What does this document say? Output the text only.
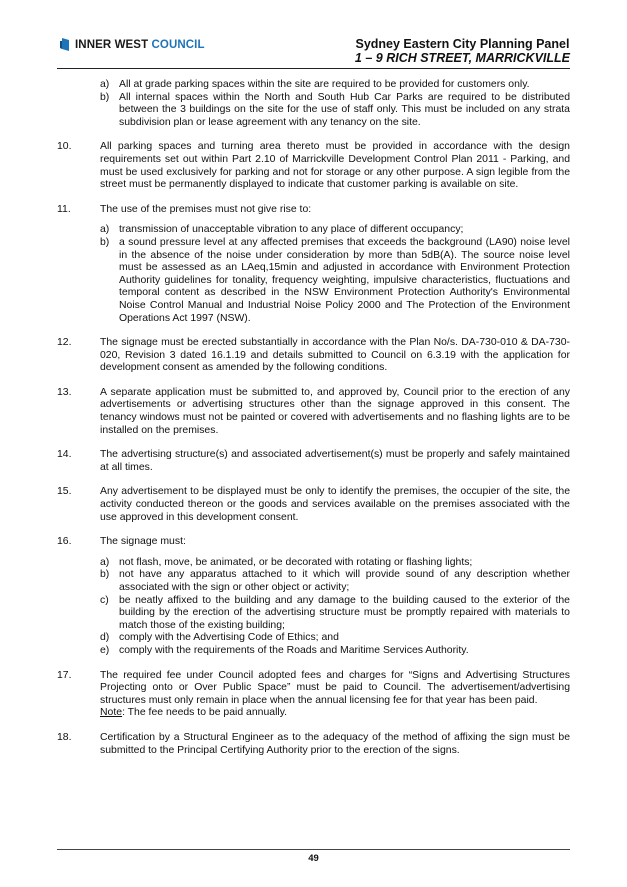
INNER WEST COUNCIL	Sydney Eastern City Planning Panel
1 – 9 RICH STREET, MARRICKVILLE
a) All at grade parking spaces within the site are required to be provided for customers only.
b) All internal spaces within the North and South Hub Car Parks are required to be distributed between the 3 buildings on the site for the use of staff only. This must be included on any strata subdivision plan or lease agreement with any tenancy on the site.
10.	All parking spaces and turning area thereto must be provided in accordance with the design requirements set out within Part 2.10 of Marrickville Development Control Plan 2011 - Parking, and must be used exclusively for parking and not for storage or any other purpose. A sign legible from the street must be permanently displayed to indicate that customer parking is available on site.

11.	The use of the premises must not give rise to:

a) transmission of unacceptable vibration to any place of different occupancy;
b) a sound pressure level at any affected premises that exceeds the background (LA90) noise level in the absence of the noise under consideration by more than 5dB(A). The source noise level must be assessed as an LAeq,15min and adjusted in accordance with Environment Protection Authority guidelines for tonality, frequency weighting, impulsive characteristics, fluctuations and temporal content as described in the NSW Environment Protection Authority's Environmental Noise Control Manual and Industrial Noise Policy 2000 and The Protection of the Environment Operations Act 1997 (NSW).
12.	The signage must be erected substantially in accordance with the Plan No/s. DA-730-010 & DA-730-020, Revision 3 dated 16.1.19 and details submitted to Council on 6.3.19 with the application for development consent as amended by the following conditions.

13.	A separate application must be submitted to, and approved by, Council prior to the erection of any advertisements or advertising structures other than the signage approved in this consent. The tenancy windows must not be painted or covered with advertisements and no flashing lights are to be installed on the premises.

14.	The advertising structure(s) and associated advertisement(s) must be properly and safely maintained at all times.

15.	Any advertisement to be displayed must be only to identify the premises, the occupier of the site, the activity conducted thereon or the goods and services available on the premises associated with the use approved in this development consent.

16.	The signage must:

a) not flash, move, be animated, or be decorated with rotating or flashing lights;
b) not have any apparatus attached to it which will provide sound of any description whether associated with the sign or other object or activity;
c) be neatly affixed to the building and any damage to the building caused to the exterior of the building by the erection of the advertising structure must be promptly repaired with materials to match those of the existing building;
d) comply with the Advertising Code of Ethics; and
e) comply with the requirements of the Roads and Maritime Services Authority.
17.	The required fee under Council adopted fees and charges for “Signs and Advertising Structures Projecting onto or Over Public Space” must be paid to Council. The advertisement/advertising structures must only remain in place when the annual licensing fee for that year has been paid.

Note: The fee needs to be paid annually.

18.	Certification by a Structural Engineer as to the adequacy of the method of affixing the sign must be submitted to the Principal Certifying Authority prior to the erection of the signs.

49
